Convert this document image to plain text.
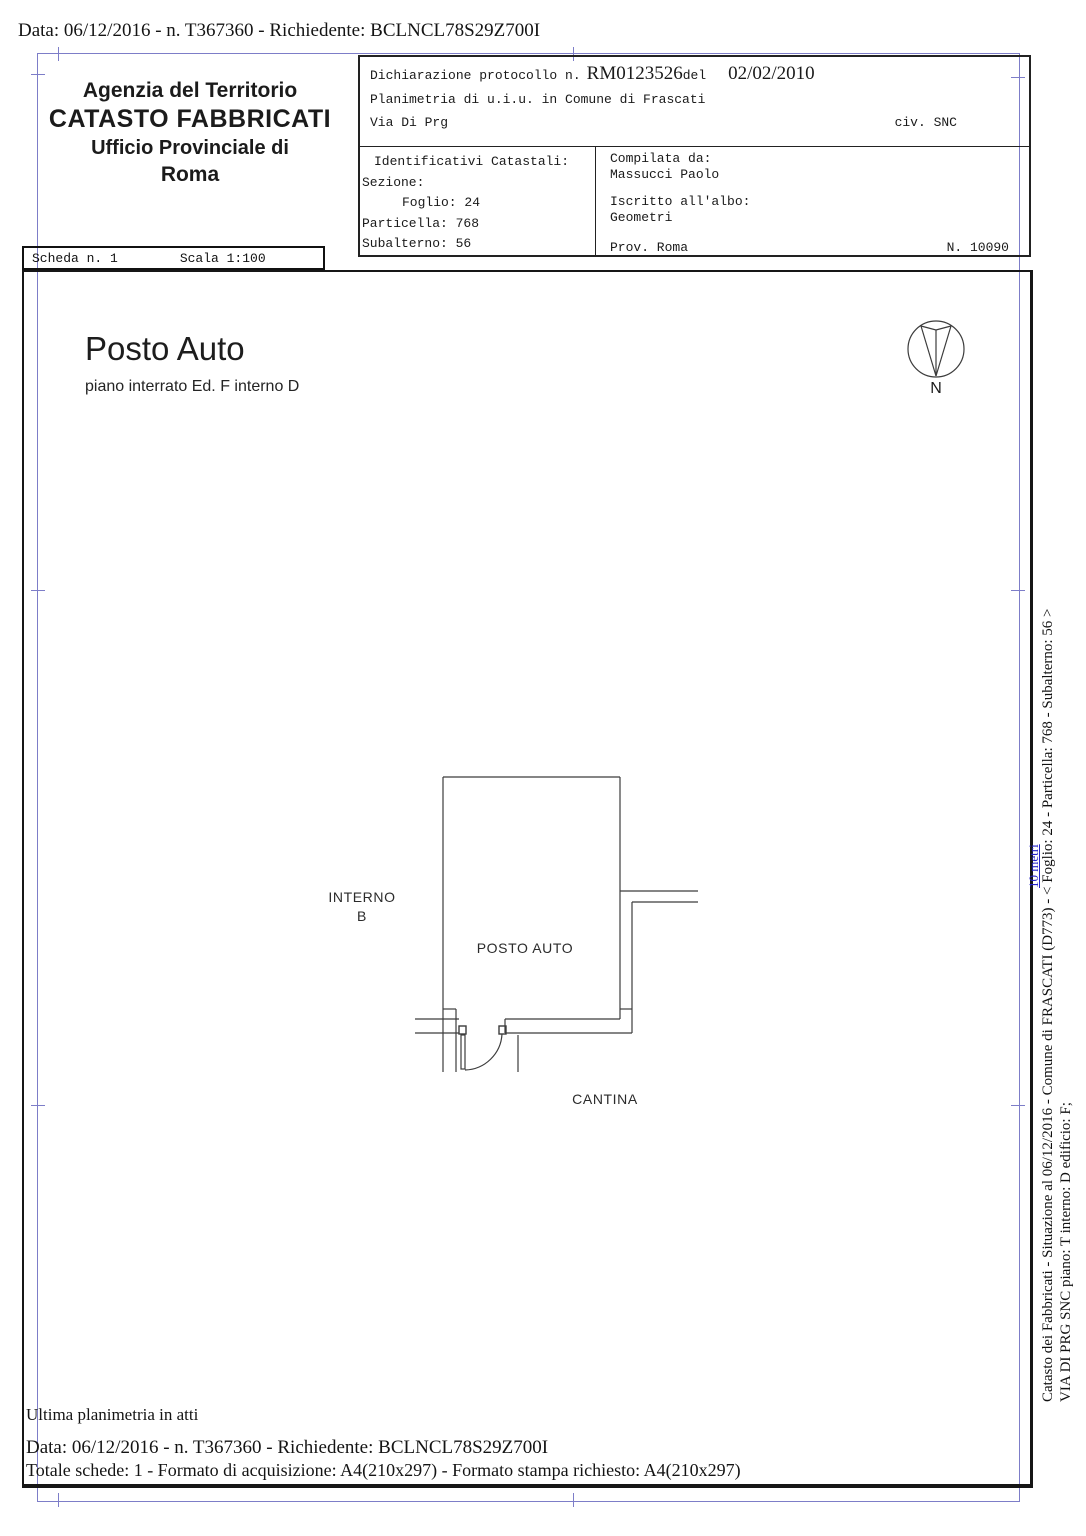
Data: 06/12/2016 - n. T367360 - Richiedente: BCLNCL78S29Z700I
Agenzia del Territorio
CATASTO FABBRICATI
Ufficio Provinciale di
Roma
Dichiarazione protocollo n. RM0123526 del 02/02/2010
Planimetria di u.i.u. in Comune di Frascati
Via Di Prg	civ. SNC
Identificativi Catastali:
Sezione:
Foglio: 24
Particella: 768
Subalterno: 56
Compilata da:
Massucci Paolo
Iscritto all'albo:
Geometri
Prov. Roma	N. 10090
Scheda n. 1	Scala 1:100
Posto Auto
piano interrato Ed. F interno D	N
INTERNO
B
POSTO AUTO
CANTINA
10 metri Catasto dei Fabbricati - Situazione al 06/12/2016 - Comune di FRASCATI (D773) - < Foglio: 24 - Particella: 768 - Subalterno: 56 > VIA DI PRG SNC piano: T interno: D edificio: F;
Ultima planimetria in atti
Data: 06/12/2016 - n. T367360 - Richiedente: BCLNCL78S29Z700I
Totale schede: 1 - Formato di acquisizione: A4(210x297) - Formato stampa richiesto: A4(210x297)
